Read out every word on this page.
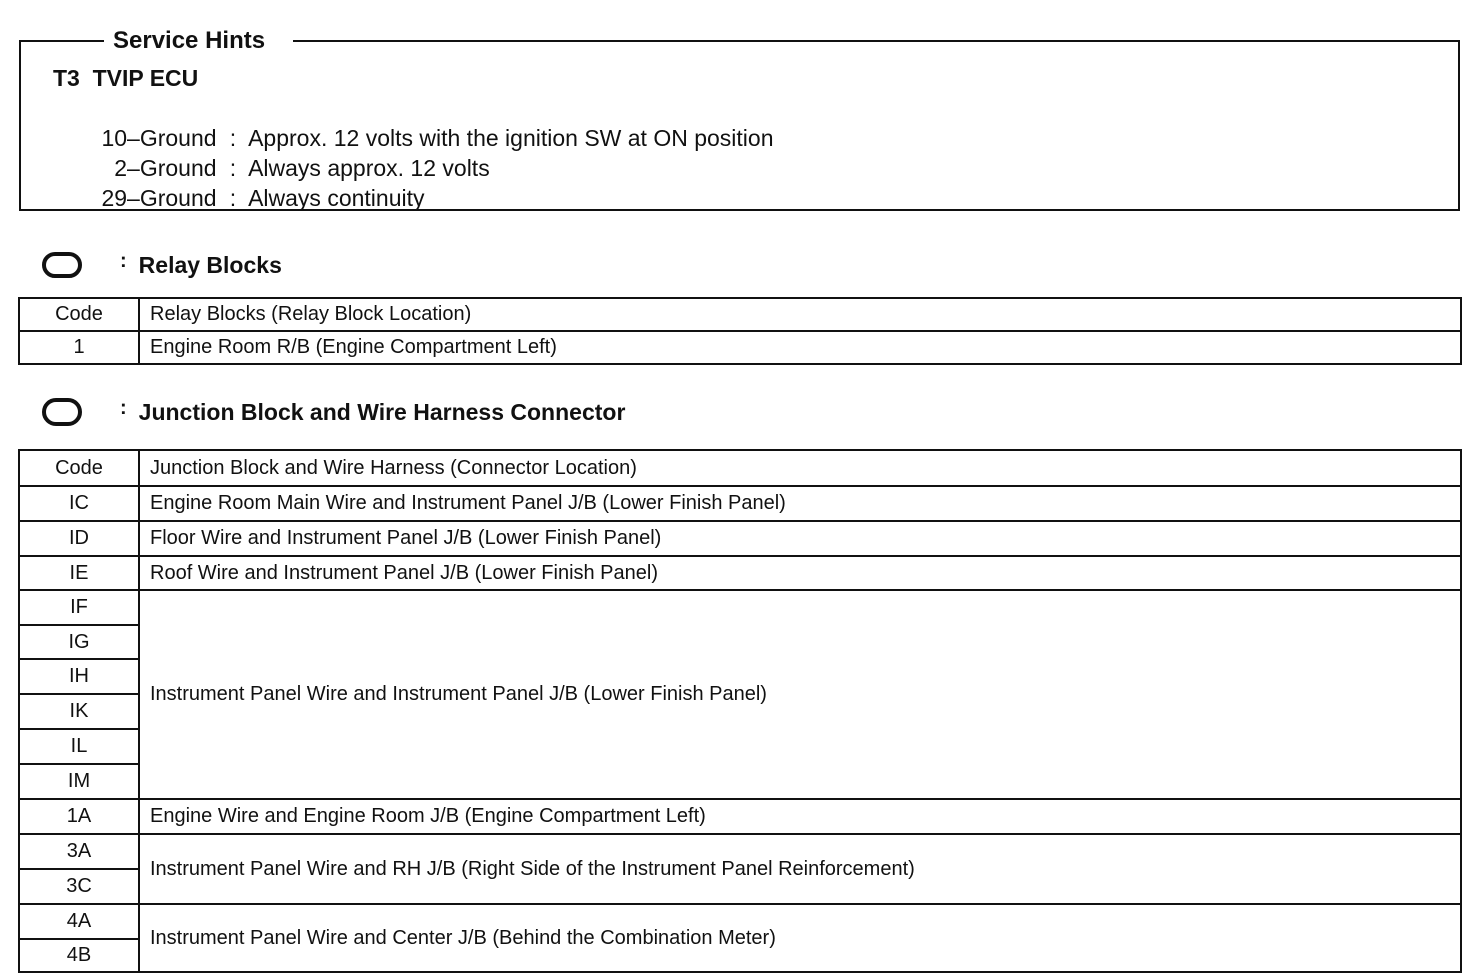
Service Hints
T3  TVIP ECU

10–Ground : Approx. 12 volts with the ignition SW at ON position

2–Ground : Always approx. 12 volts

29–Ground : Always continuity

: Relay Blocks
Code	Relay Blocks (Relay Block Location)
1	Engine Room R/B (Engine Compartment Left)
: Junction Block and Wire Harness Connector
Code	Junction Block and Wire Harness (Connector Location)
IC	Engine Room Main Wire and Instrument Panel J/B (Lower Finish Panel)
ID	Floor Wire and Instrument Panel J/B (Lower Finish Panel)
IE	Roof Wire and Instrument Panel J/B (Lower Finish Panel)
IF	Instrument Panel Wire and Instrument Panel J/B (Lower Finish Panel)
IG	
IH	
IK	
IL	
IM	
1A	Engine Wire and Engine Room J/B (Engine Compartment Left)
3A	Instrument Panel Wire and RH J/B (Right Side of the Instrument Panel Reinforcement)
3C	
4A	Instrument Panel Wire and Center J/B (Behind the Combination Meter)
4B	
